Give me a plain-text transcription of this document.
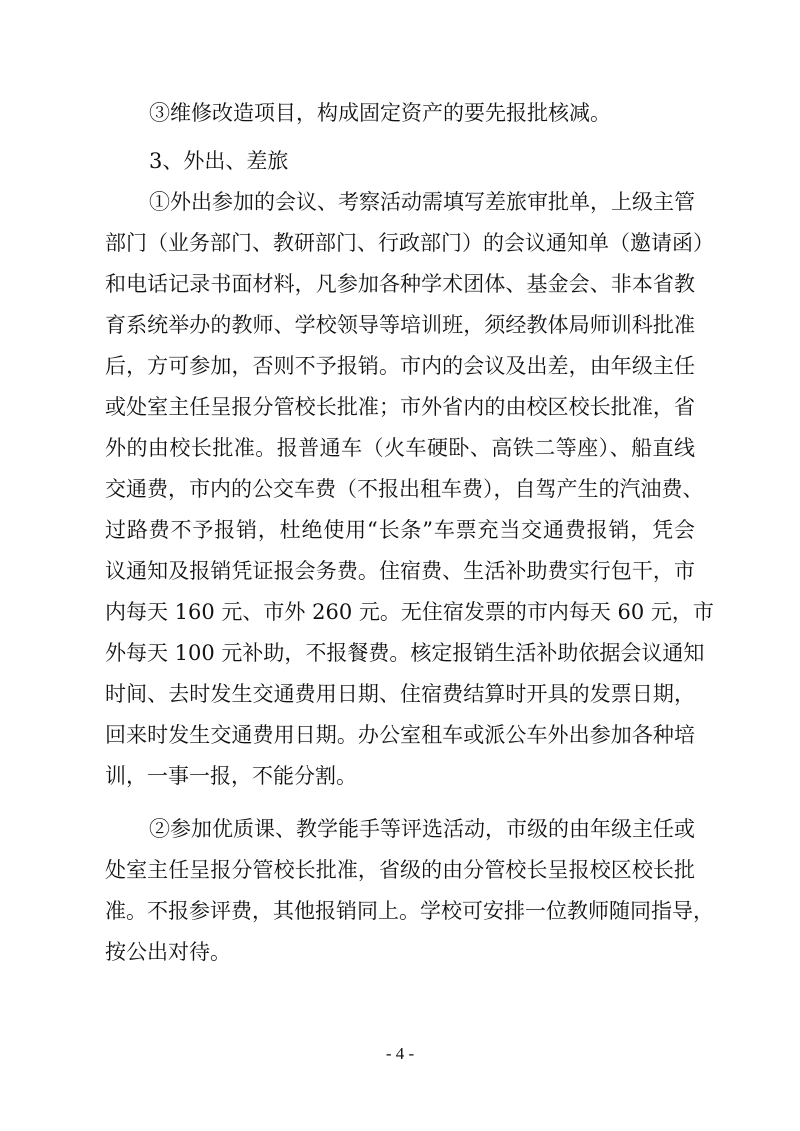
③维修改造项目，构成固定资产的要先报批核减。
3、外出、差旅
①外出参加的会议、考察活动需填写差旅审批单，上级主管
部门（业务部门、教研部门、行政部门）的会议通知单（邀请函）
和电话记录书面材料，凡参加各种学术团体、基金会、非本省教
育系统举办的教师、学校领导等培训班，须经教体局师训科批准
后，方可参加，否则不予报销。市内的会议及出差，由年级主任
或处室主任呈报分管校长批准；市外省内的由校区校长批准，省
外的由校长批准。报普通车（火车硬卧、高铁二等座）、船直线
交通费，市内的公交车费（不报出租车费），自驾产生的汽油费、
过路费不予报销，杜绝使用“长条”车票充当交通费报销，凭会
议通知及报销凭证报会务费。住宿费、生活补助费实行包干，市
内每天 160 元、市外 260 元。无住宿发票的市内每天 60 元，市
外每天 100 元补助，不报餐费。核定报销生活补助依据会议通知
时间、去时发生交通费用日期、住宿费结算时开具的发票日期，
回来时发生交通费用日期。办公室租车或派公车外出参加各种培
训，一事一报，不能分割。
②参加优质课、教学能手等评选活动，市级的由年级主任或
处室主任呈报分管校长批准，省级的由分管校长呈报校区校长批
准。不报参评费，其他报销同上。学校可安排一位教师随同指导，
按公出对待。
- 4 -
